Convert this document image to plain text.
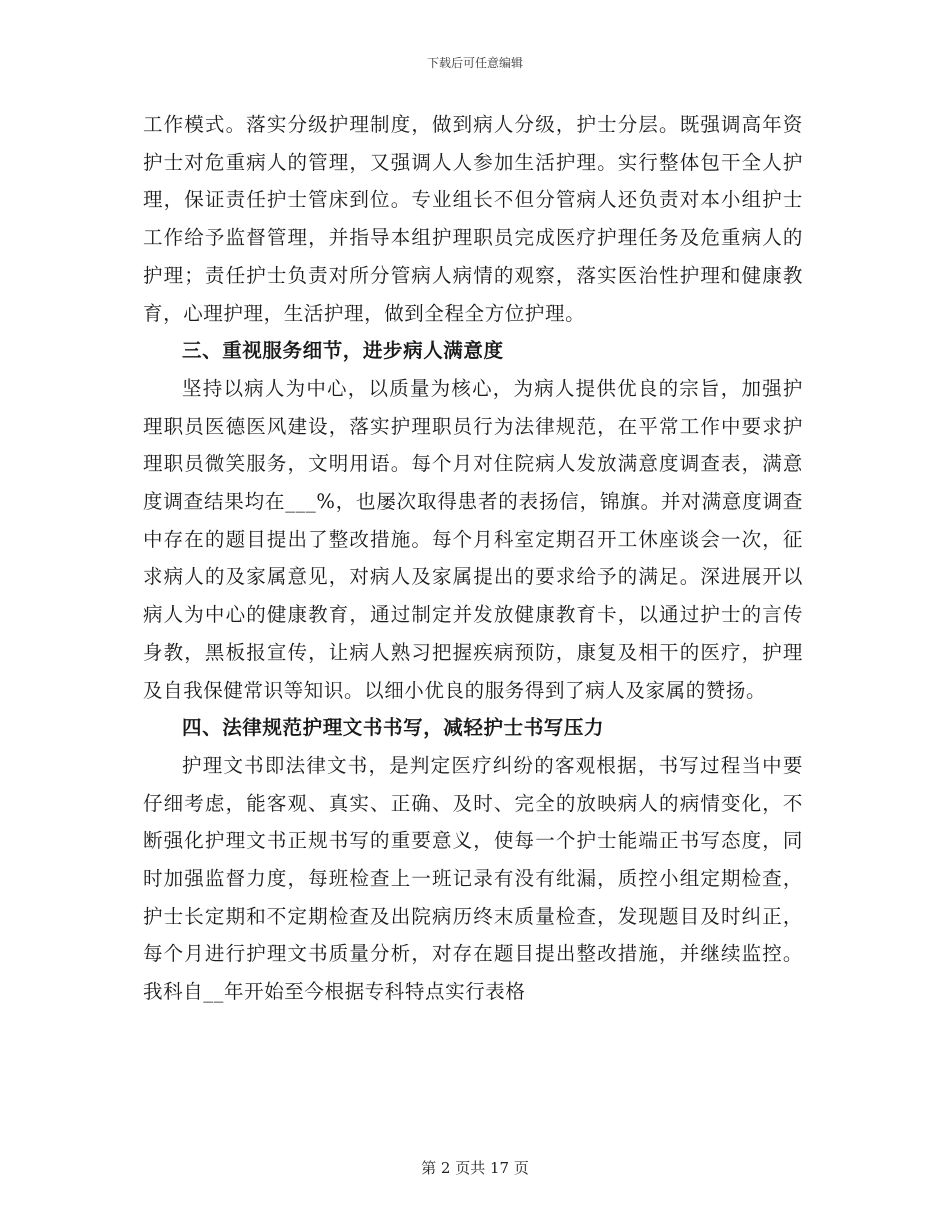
下载后可任意编辑

工作模式。落实分级护理制度，做到病人分级，护士分层。既强调高年资护士对危重病人的管理，又强调人人参加生活护理。实行整体包干全人护理，保证责任护士管床到位。专业组长不但分管病人还负责对本小组护士工作给予监督管理，并指导本组护理职员完成医疗护理任务及危重病人的护理；责任护士负责对所分管病人病情的观察，落实医治性护理和健康教育，心理护理，生活护理，做到全程全方位护理。

三、重视服务细节，进步病人满意度

坚持以病人为中心，以质量为核心，为病人提供优良的宗旨，加强护理职员医德医风建设，落实护理职员行为法律规范，在平常工作中要求护理职员微笑服务，文明用语。每个月对住院病人发放满意度调查表，满意度调查结果均在___%，也屡次取得患者的表扬信，锦旗。并对满意度调查中存在的题目提出了整改措施。每个月科室定期召开工休座谈会一次，征求病人的及家属意见，对病人及家属提出的要求给予的满足。深进展开以病人为中心的健康教育，通过制定并发放健康教育卡，以通过护士的言传身教，黑板报宣传，让病人熟习把握疾病预防，康复及相干的医疗，护理及自我保健常识等知识。以细小优良的服务得到了病人及家属的赞扬。

四、法律规范护理文书书写，减轻护士书写压力

护理文书即法律文书，是判定医疗纠纷的客观根据，书写过程当中要仔细考虑，能客观、真实、正确、及时、完全的放映病人的病情变化，不断强化护理文书正规书写的重要意义，使每一个护士能端正书写态度，同时加强监督力度，每班检查上一班记录有没有纰漏，质控小组定期检查，护士长定期和不定期检查及出院病历终末质量检查，发现题目及时纠正，每个月进行护理文书质量分析，对存在题目提出整改措施，并继续监控。我科自__年开始至今根据专科特点实行表格

第 2 页共 17 页
